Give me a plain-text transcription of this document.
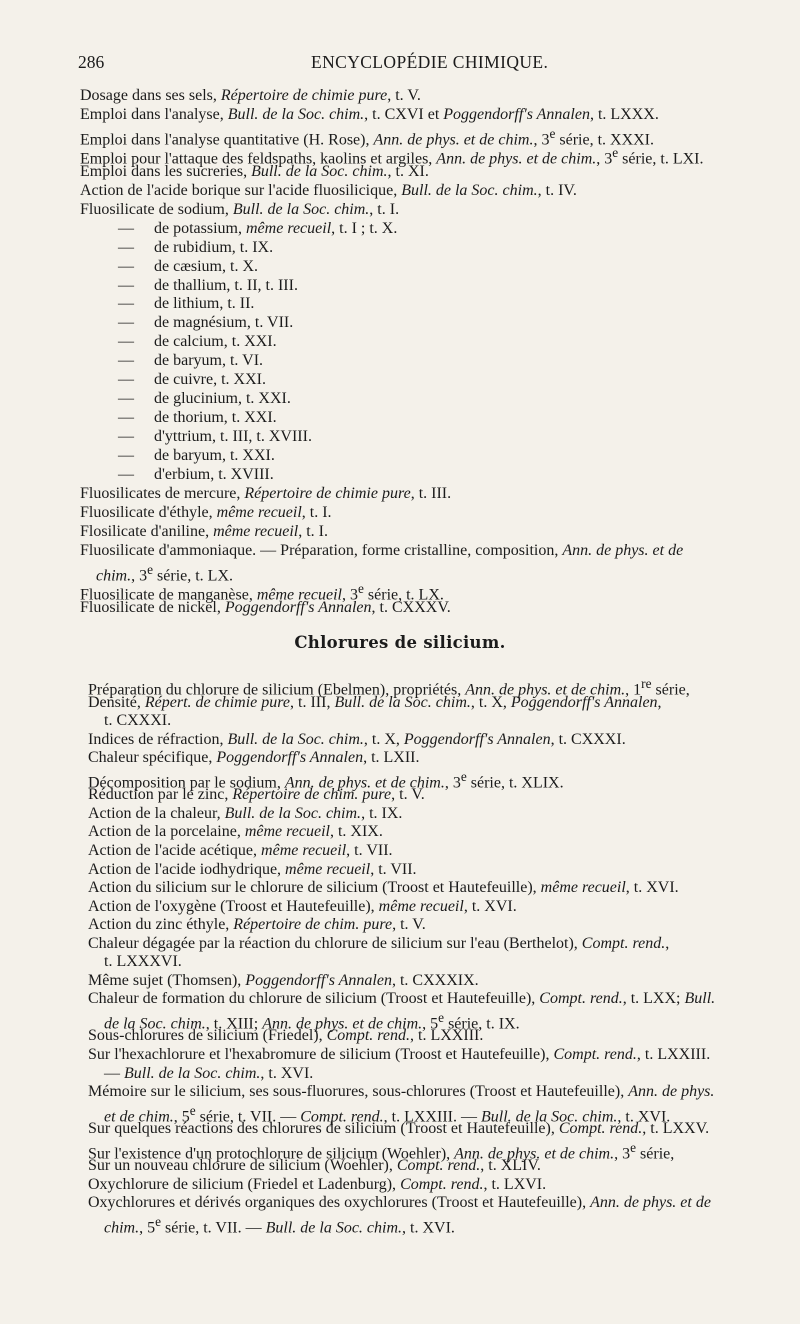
286	ENCYCLOPÉDIE CHIMIQUE.
Dosage dans ses sels, Répertoire de chimie pure, t. V.
Emploi dans l'analyse, Bull. de la Soc. chim., t. CXVI et Poggendorff's Annalen, t. LXXX.
Emploi dans l'analyse quantitative (H. Rose), Ann. de phys. et de chim., 3e série, t. XXXI.
Emploi pour l'attaque des feldspaths, kaolins et argiles, Ann. de phys. et de chim., 3e série, t. LXI.
Emploi dans les sucreries, Bull. de la Soc. chim., t. XI.
Action de l'acide borique sur l'acide fluosilicique, Bull. de la Soc. chim., t. IV.
Fluosilicate de sodium, Bull. de la Soc. chim., t. I.
—     de potassium, même recueil, t. I ; t. X.
—     de rubidium, t. IX.
—     de cæsium, t. X.
—     de thallium, t. II, t. III.
—     de lithium, t. II.
—     de magnésium, t. VII.
—     de calcium, t. XXI.
—     de baryum, t. VI.
—     de cuivre, t. XXI.
—     de glucinium, t. XXI.
—     de thorium, t. XXI.
—     d'yttrium, t. III, t. XVIII.
—     de baryum, t. XXI.
—     d'erbium, t. XVIII.
Fluosilicates de mercure, Répertoire de chimie pure, t. III.
Fluosilicate d'éthyle, même recueil, t. I.
Flosilicate d'aniline, même recueil, t. I.
Fluosilicate d'ammoniaque. — Préparation, forme cristalline, composition, Ann. de phys. et de
chim., 3e série, t. LX.
Fluosilicate de manganèse, même recueil, 3e série, t. LX.
Fluosilicate de nickel, Poggendorff's Annalen, t. CXXXV.
Chlorures de silicium.
Préparation du chlorure de silicium (Ebelmen), propriétés, Ann. de phys. et de chim., 1re série,
Densité, Répert. de chimie pure, t. III, Bull. de la Soc. chim., t. X, Poggendorff's Annalen,
t. CXXXI.
Indices de réfraction, Bull. de la Soc. chim., t. X, Poggendorff's Annalen, t. CXXXI.
Chaleur spécifique, Poggendorff's Annalen, t. LXII.
Décomposition par le sodium, Ann. de phys. et de chim., 3e série, t. XLIX.
Réduction par le zinc, Répertoire de chim. pure, t. V.
Action de la chaleur, Bull. de la Soc. chim., t. IX.
Action de la porcelaine, même recueil, t. XIX.
Action de l'acide acétique, même recueil, t. VII.
Action de l'acide iodhydrique, même recueil, t. VII.
Action du silicium sur le chlorure de silicium (Troost et Hautefeuille), même recueil, t. XVI.
Action de l'oxygène (Troost et Hautefeuille), même recueil, t. XVI.
Action du zinc éthyle, Répertoire de chim. pure, t. V.
Chaleur dégagée par la réaction du chlorure de silicium sur l'eau (Berthelot), Compt. rend.,
t. LXXXVI.
Même sujet (Thomsen), Poggendorff's Annalen, t. CXXXIX.
Chaleur de formation du chlorure de silicium (Troost et Hautefeuille), Compt. rend., t. LXX; Bull.
de la Soc. chim., t. XIII; Ann. de phys. et de chim., 5e série, t. IX.
Sous-chlorures de silicium (Friedel), Compt. rend., t. LXXIII.
Sur l'hexachlorure et l'hexabromure de silicium (Troost et Hautefeuille), Compt. rend., t. LXXIII.
— Bull. de la Soc. chim., t. XVI.
Mémoire sur le silicium, ses sous-fluorures, sous-chlorures (Troost et Hautefeuille), Ann. de phys.
et de chim., 5e série, t. VII. — Compt. rend., t. LXXIII. — Bull. de la Soc. chim., t. XVI.
Sur quelques réactions des chlorures de silicium (Troost et Hautefeuille), Compt. rend., t. LXXV.
Sur l'existence d'un protochlorure de silicium (Woehler), Ann. de phys. et de chim., 3e série,
Sur un nouveau chlorure de silicium (Woehler), Compt. rend., t. XLIV.
Oxychlorure de silicium (Friedel et Ladenburg), Compt. rend., t. LXVI.
Oxychlorures et dérivés organiques des oxychlorures (Troost et Hautefeuille), Ann. de phys. et de
chim., 5e série, t. VII. — Bull. de la Soc. chim., t. XVI.
